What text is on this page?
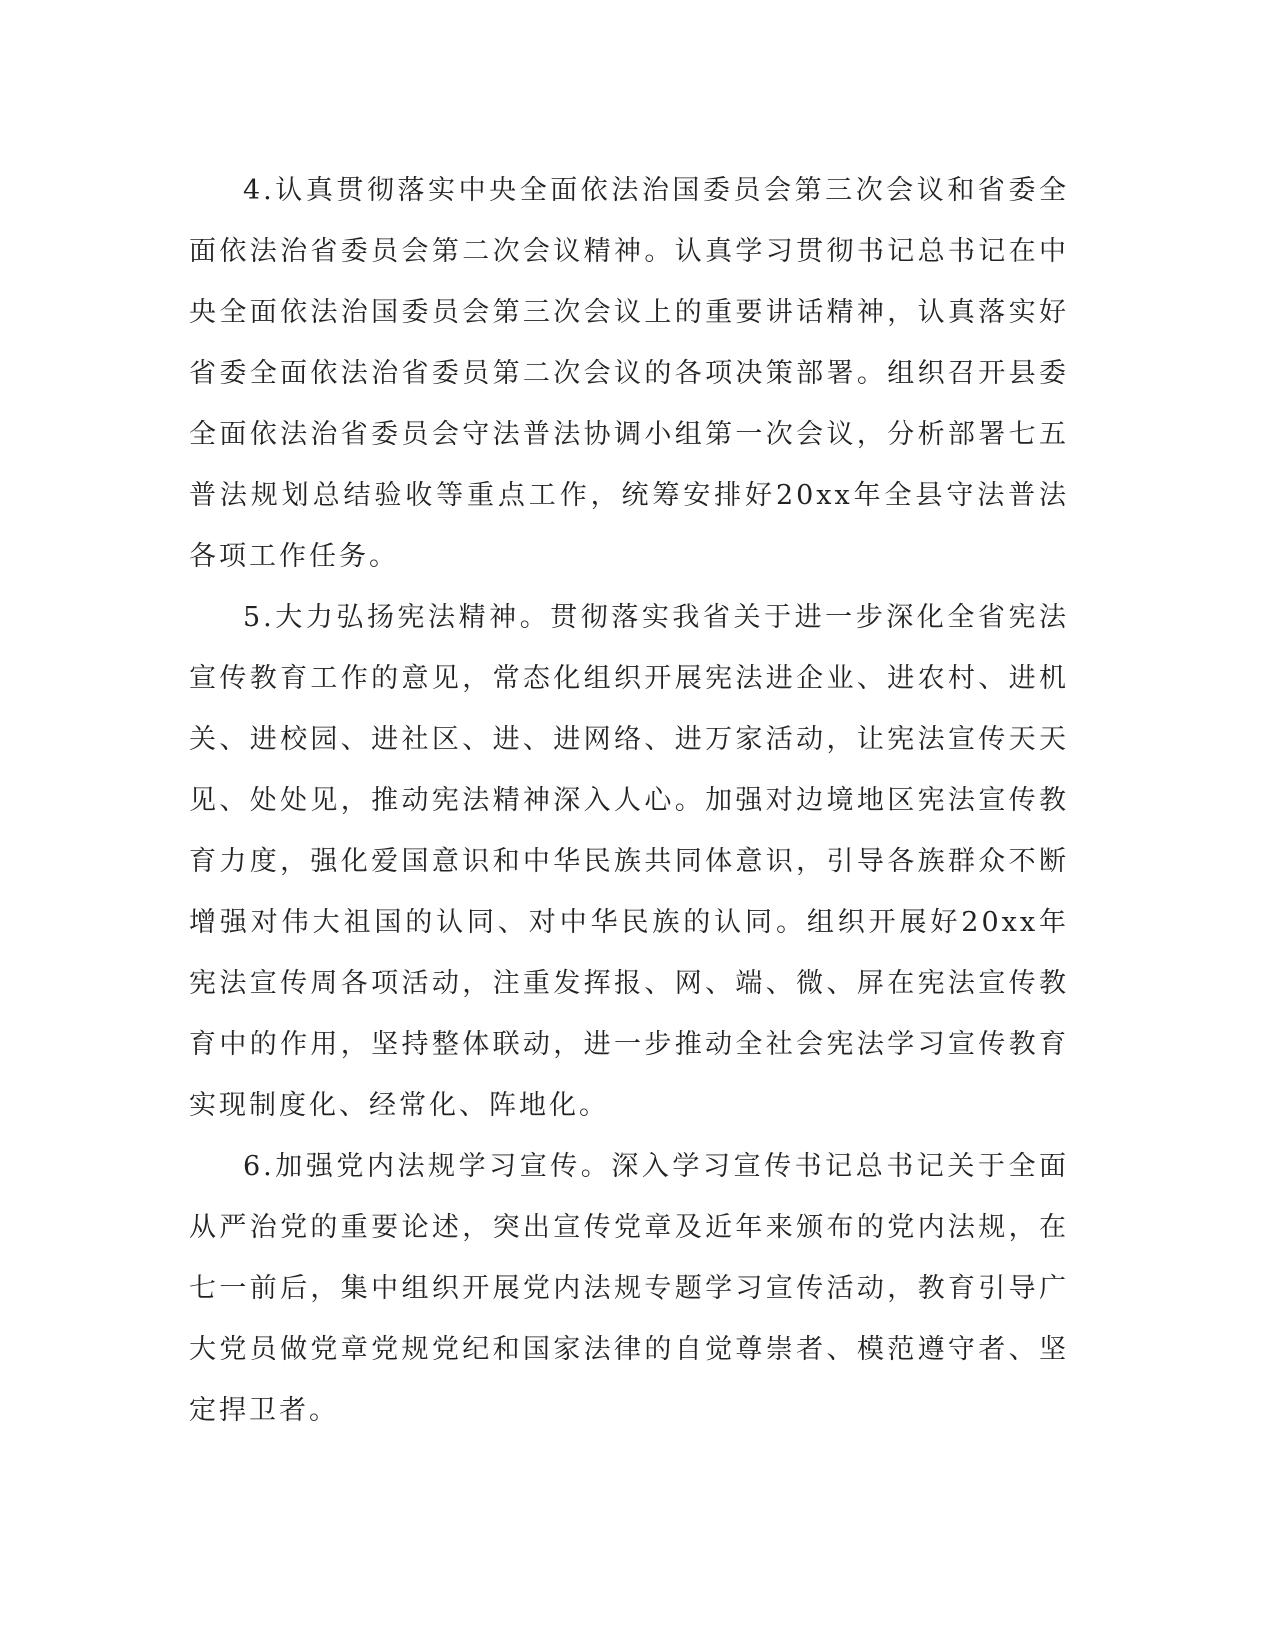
4.认真贯彻落实中央全面依法治国委员会第三次会议和省委全面依法治省委员会第二次会议精神。认真学习贯彻书记总书记在中央全面依法治国委员会第三次会议上的重要讲话精神，认真落实好省委全面依法治省委员第二次会议的各项决策部署。组织召开县委全面依法治省委员会守法普法协调小组第一次会议，分析部署七五普法规划总结验收等重点工作，统筹安排好20xx年全县守法普法各项工作任务。

5.大力弘扬宪法精神。贯彻落实我省关于进一步深化全省宪法宣传教育工作的意见，常态化组织开展宪法进企业、进农村、进机关、进校园、进社区、进、进网络、进万家活动，让宪法宣传天天见、处处见，推动宪法精神深入人心。加强对边境地区宪法宣传教育力度，强化爱国意识和中华民族共同体意识，引导各族群众不断增强对伟大祖国的认同、对中华民族的认同。组织开展好20xx年宪法宣传周各项活动，注重发挥报、网、端、微、屏在宪法宣传教育中的作用，坚持整体联动，进一步推动全社会宪法学习宣传教育实现制度化、经常化、阵地化。

6.加强党内法规学习宣传。深入学习宣传书记总书记关于全面从严治党的重要论述，突出宣传党章及近年来颁布的党内法规，在七一前后，集中组织开展党内法规专题学习宣传活动，教育引导广大党员做党章党规党纪和国家法律的自觉尊崇者、模范遵守者、坚定捍卫者。
